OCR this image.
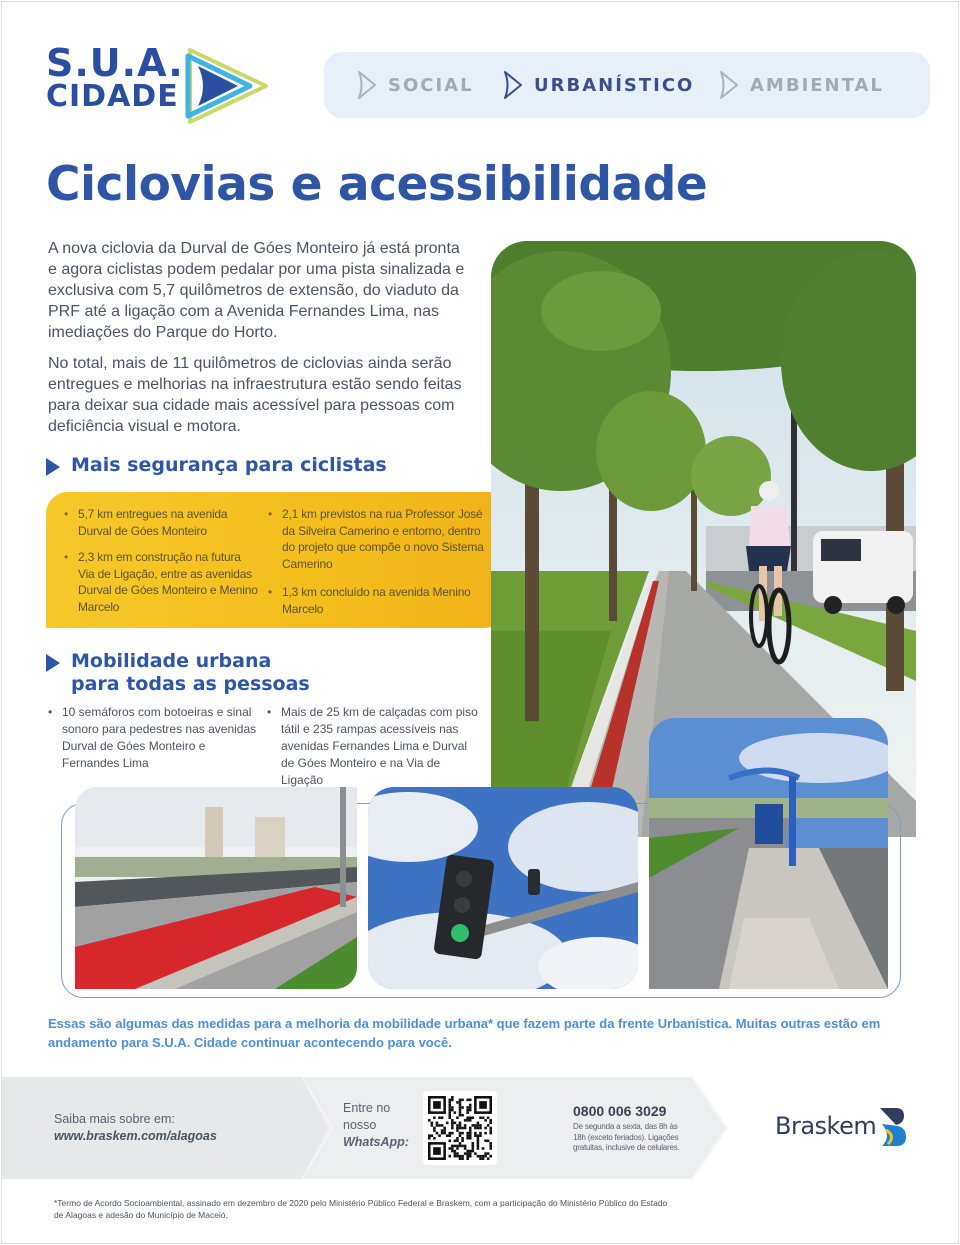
S.U.A.
CIDADE	SOCIAL	URBANÍSTICO	AMBIENTAL
Ciclovias e acessibilidade

A nova ciclovia da Durval de Góes Monteiro já está pronta e agora ciclistas podem pedalar por uma pista sinalizada e exclusiva com 5,7 quilômetros de extensão, do viaduto da PRF até a ligação com a Avenida Fernandes Lima, nas imediações do Parque do Horto.

No total, mais de 11 quilômetros de ciclovias ainda serão entregues e melhorias na infraestrutura estão sendo feitas para deixar sua cidade mais acessível para pessoas com deficiência visual e motora.

Mais segurança para ciclistas
• 5,7 km entregues na avenida Durval de Góes Monteiro
• 2,3 km em construção na futura Via de Ligação, entre as avenidas Durval de Góes Monteiro e Menino Marcelo
• 2,1 km previstos na rua Professor José da Silveira Camerino e entorno, dentro do projeto que compõe o novo Sistema Camerino
• 1,3 km concluído na avenida Menino Marcelo
Mobilidade urbana
para todas as pessoas
• 10 semáforos com botoeiras e sinal sonoro para pedestres nas avenidas Durval de Góes Monteiro e Fernandes Lima
• Mais de 25 km de calçadas com piso tátil e 235 rampas acessíveis nas avenidas Fernandes Lima e Durval de Góes Monteiro e na Via de Ligação
Essas são algumas das medidas para a melhoria da mobilidade urbana* que fazem parte da frente Urbanística. Muitas outras estão em andamento para S.U.A. Cidade continuar acontecendo para você.
Saiba mais sobre em:
www.braskem.com/alagoas
Entre no
nosso
WhatsApp:
0800 006 3029
De segunda a sexta, das 8h às 18h (exceto feriados). Ligações gratuitas, inclusive de celulares.
Braskem
*Termo de Acordo Socioambiental, assinado em dezembro de 2020 pelo Ministério Público Federal e Braskem, com a participação do Ministério Público do Estado de Alagoas e adesão do Município de Maceió.
